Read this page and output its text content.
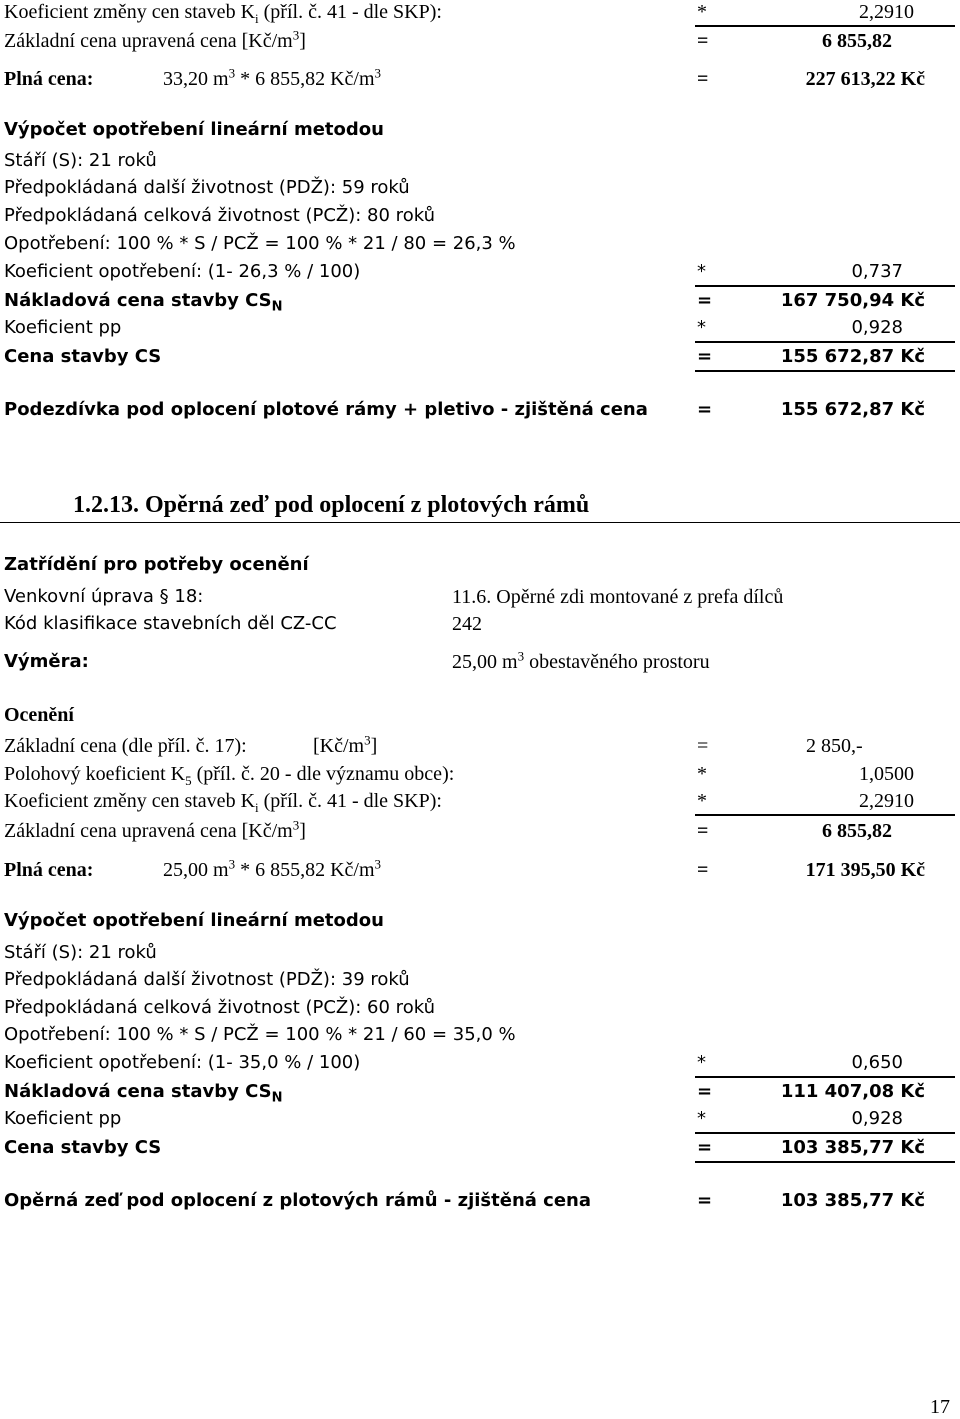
Koeficient změny cen staveb $K_i$ (příl. č. 41 - dle SKP):	*	2,2910
Základní cena upravená cena $[Kč/m^3]$	=	6 855,82
Plná cena:	33,20 $m^3 * 6$ 855,82 $Kč/m^3$	=	227 613,22 Kč
Výpočet opotřebení lineární metodou
Stáří (S): 21 roků
Předpokládaná další životnost (PDŽ): 59 roků
Předpokládaná celková životnost (PCŽ): 80 roků
Opotřebení: 100 % * S / PCŽ = 100 % * 21 / 80 = 26,3 %
Koeficient opotřebení: (1- 26,3 % / 100)	*	0,737
Nákladová cena stavby $CS_N$	=	167 750,94 Kč
Koeficient pp	*	0,928
Cena stavby CS	=	155 672,87 Kč
Podezdívka pod oplocení plotové rámy + pletivo - zjištěná cena	=	155 672,87 Kč
1.2.13. Opěrná zeď pod oplocení z plotových rámů
Zatřídění pro potřeby ocenění
Venkovní úprava § 18:	11.6. Opěrné zdi montované z prefa dílců
Kód klasifikace stavebních děl CZ-CC	242
Výměra:	25,00 $m^3$ obestavěného prostoru
Ocenění
Základní cena (dle příl. č. 17):	$[Kč/m^3]$	=	2 850,-
Polohový koeficient $K_5$ (příl. č. 20 - dle významu obce):	*	1,0500
Koeficient změny cen staveb $K_i$ (příl. č. 41 - dle SKP):	*	2,2910
Základní cena upravená cena $[Kč/m^3]$	=	6 855,82
Plná cena:	25,00 $m^3 * 6$ 855,82 $Kč/m^3$	=	171 395,50 Kč
Výpočet opotřebení lineární metodou
Stáří (S): 21 roků
Předpokládaná další životnost (PDŽ): 39 roků
Předpokládaná celková životnost (PCŽ): 60 roků
Opotřebení: 100 % * S / PCŽ = 100 % * 21 / 60 = 35,0 %
Koeficient opotřebení: (1- 35,0 % / 100)	*	0,650
Nákladová cena stavby $CS_N$	=	111 407,08 Kč
Koeficient pp	*	0,928
Cena stavby CS	=	103 385,77 Kč
Opěrná zeď pod oplocení z plotových rámů - zjištěná cena	=	103 385,77 Kč
17
